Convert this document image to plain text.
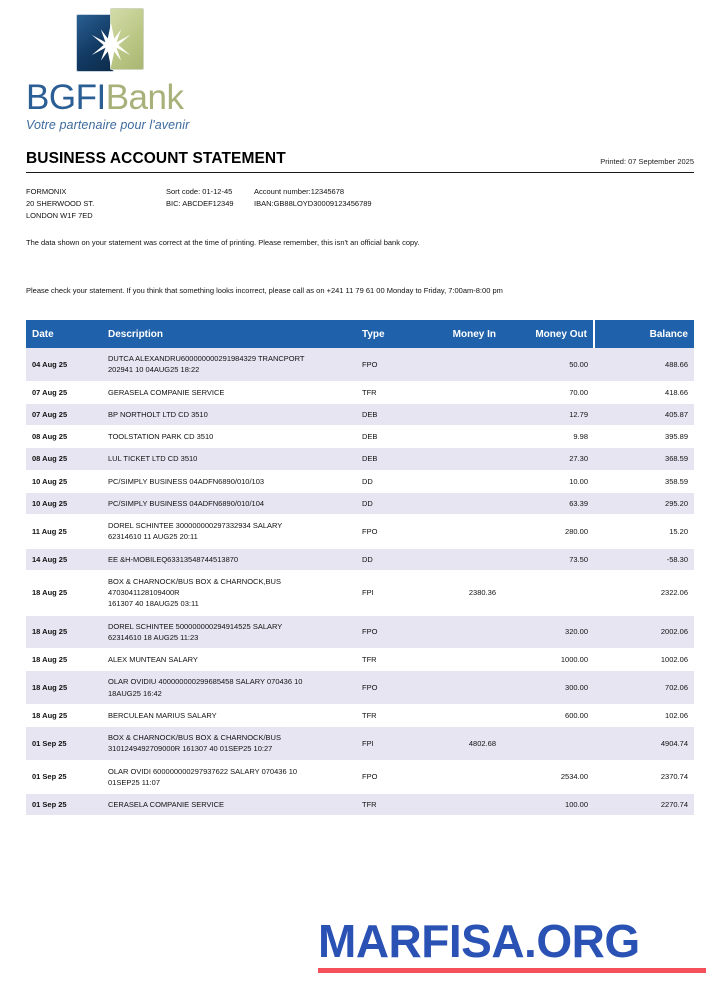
BGFIBank
Votre partenaire pour l'avenir
BUSINESS ACCOUNT STATEMENT	Printed: 07 September 2025
FORMONIX
20 SHERWOOD ST.
LONDON W1F 7ED
Sort code: 01-12-45	Account number:12345678
BIC: ABCDEF12349	IBAN:GB88LOYD30009123456789
The data shown on your statement was correct at the time of printing. Please remember, this isn't an official bank copy.
Please check your statement. If you think that something looks incorrect, please call as on +241 11 79 61 00 Monday to Friday, 7:00am-8:00 pm
Date	Description	Type	Money In	Money Out	Balance
04 Aug 25	DUTCA ALEXANDRU600000000291984329 TRANCPORT
202941 10 04AUG25 18:22	FPO		50.00	488.66
07 Aug 25	GERASELA COMPANIE SERVICE	TFR		70.00	418.66
07 Aug 25	BP NORTHOLT LTD CD 3510	DEB		12.79	405.87
08 Aug 25	TOOLSTATION PARK CD 3510	DEB		9.98	395.89
08 Aug 25	LUL TICKET LTD CD 3510	DEB		27.30	368.59
10 Aug 25	PC/SIMPLY BUSINESS 04ADFN6890/010/103	DD		10.00	358.59
10 Aug 25	PC/SIMPLY BUSINESS 04ADFN6890/010/104	DD		63.39	295.20
11 Aug 25	DOREL SCHINTEE 300000000297332934 SALARY
62314610 11 AUG25 20:11	FPO		280.00	15.20
14 Aug 25	EE &H-MOBILEQ63313548744513870	DD		73.50	-58.30
18 Aug 25	BOX & CHARNOCK/BUS BOX & CHARNOCK,BUS 4703041128109400R
161307 40 18AUG25 03:11	FPI	2380.36		2322.06
18 Aug 25	DOREL SCHINTEE 500000000294914525 SALARY
62314610 18 AUG25 11:23	FPO		320.00	2002.06
18 Aug 25	ALEX MUNTEAN SALARY	TFR		1000.00	1002.06
18 Aug 25	OLAR OVIDIU 400000000299685458 SALARY 070436 10
18AUG25 16:42	FPO		300.00	702.06
18 Aug 25	BERCULEAN MARIUS SALARY	TFR		600.00	102.06
01 Sep 25	BOX & CHARNOCK/BUS BOX & CHARNOCK/BUS
3101249492709000R 161307 40 01SEP25 10:27	FPI	4802.68		4904.74
01 Sep 25	OLAR OVIDI 600000000297937622 SALARY 070436 10
01SEP25 11:07	FPO		2534.00	2370.74
01 Sep 25	CERASELA COMPANIE SERVICE	TFR		100.00	2270.74
MARFISA.ORG
